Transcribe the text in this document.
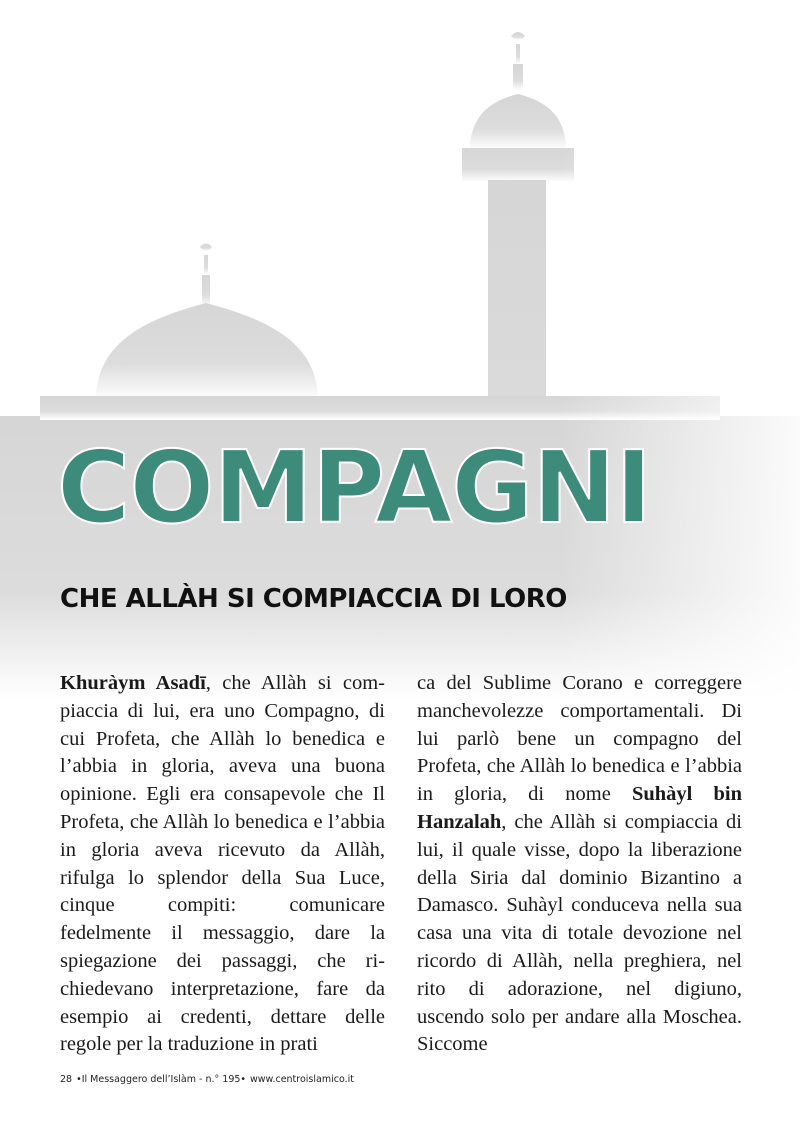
COMPAGNI
CHE ALLÀH SI COMPIACCIA DI LORO

Khuràym Asadī, che Allàh si compiaccia di lui, era uno Compagno, di cui Profeta, che Allàh lo benedica e l’abbia in gloria, aveva una buona opinione. Egli era consapevole che Il Profeta, che Allàh lo benedica e l’abbia in gloria aveva ricevuto da Allàh, rifulga lo splendor della Sua Luce, cinque compiti: comunicare fedelmente il messaggio, dare la spiegazione dei passaggi, che richiedevano interpretazione, fare da esempio ai credenti, dettare delle regole per la traduzione in prati

ca del Sublime Corano e correggere manchevolezze comportamentali. Di lui parlò bene un compagno del Profeta, che Allàh lo benedica e l’abbia in gloria, di nome Suhàyl bin Hanzalah, che Allàh si compiaccia di lui, il quale visse, dopo la liberazione della Siria dal dominio Bizantino a Damasco. Suhàyl conduceva nella sua casa una vita di totale devozione nel ricordo di Allàh, nella preghiera, nel rito di adorazione, nel digiuno, uscendo solo per andare alla Moschea. Siccome

28 •Il Messaggero dell’Islàm - n.° 195• www.centroislamico.it
